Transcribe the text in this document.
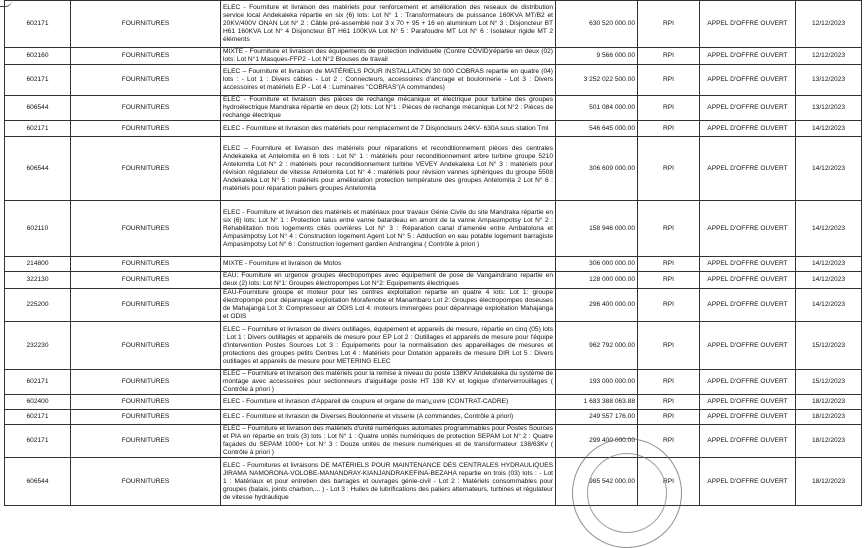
602171	FOURNITURES	ELEC - Fourniture et livraison des matériels pour renforcement et amélioration des reseaux de distribution service local Andekaleka répartie en six (6) lots: Lot N° 1 : Transformateurs de puissance 160KVA MT/B2 et 20KV/400V ONAN Lot N° 2 : Câble pré-assemblé noir 3 x 70 + 95 + 16 en aluminium Lot N° 3 : Disjoncteur BT H61 160KVA Lot N° 4 Disjoncteur BT H61 100KVA Lot N° 5 : Parafoudre MT Lot N° 6 : Isolateur rigide MT 2 éléments	630 520 000.00	RPI	APPEL D'OFFRE OUVERT	12/12/2023
602160	FOURNITURES	MIXTE - Fourniture et livraison des équipements de protection individuelle (Contre COVID)répartie en deux (02) lots: Lot N°1 Masques-FFP2 - Lot N°2 Blouses de travail	9 566 000.00	RPI	APPEL D'OFFRE OUVERT	12/12/2023
602171	FOURNITURES	ELEC – Fourniture et livraison de MATÉRIELS POUR INSTALLATION 30 000 COBRAS repartie en quatre (04) lots : - Lot 1 : Divers câbles - Lot 2 : Connecteurs, accessoires d'ancrage et boulonnerie - Lot 3 : Divers accessoires et matériels E.P - Lot 4 : Luminaires "COBRAS"(A commandes)	3 252 022 500.00	RPI	APPEL D'OFFRE OUVERT	13/12/2023
606544	FOURNITURES	ELEC - Fourniture et livraison des pièces de rechange mécanique et électrique pour turbine des groupes hydroélectrique Mandraka répartie en deux (2) lots: Lot N°1 : Pièces de rechange mécanique Lot N°2 : Pièces de rechange électrique	501 084 000.00	RPI	APPEL D'OFFRE OUVERT	13/12/2023
602171	FOURNITURES	ELEC - Fourniture et livraison des matériels pour remplacement de 7 Disjoncteurs 24KV- 630A sous station Tml	546 645 000.00	RPI	APPEL D'OFFRE OUVERT	14/12/2023
606544	FOURNITURES	ELEC – Fourniture et livraison des matériels pour réparations et reconditionnement pièces des centrales Andekaleka et Antelomita en 6 lots : Lot N° 1 : matériels pour reconditionnement arbre turbine groupe 5210 Antelomita Lot N° 2 : matériels pour reconditionnement turbine VEVEY Andekaleka Lot N° 3 : matériels pour révision régulateur de vitesse Antelomita Lot N° 4 : matériels pour révision vannes sphériques du groupe 5508 Andekaleka Lot N° 5 : matériels pour amélioration protection température des groupes Antelomita 2 Lot N° 6 : matériels pour réparation paliers groupes Antelomita	306 609 000.00	RPI	APPEL D'OFFRE OUVERT	14/12/2023
602110	FOURNITURES	ELEC - Fourniture et livraison des matériels et matériaux pour travaux Génie Civile du site Mandraka répartie en six (6) lots: Lot N° 1 : Protection talus entre vanne batardeau en amont de la vanne Ampasimpotsy Lot N° 2 : Réhabilitation trois logements cités ouvrières Lot N° 3 : Réparation canal d'amenée entre Ambatolona et Ampasimpotsy Lot N° 4 : Construction logement Agent Lot N° 5 : Adduction en eau potable logement barragiste Ampasimpotsy Lot N° 6 : Construction logement gardien Andrangina ( Contrôle à priori )	158 946 000.00	RPI	APPEL D'OFFRE OUVERT	14/12/2023
214800	FOURNITURES	MIXTE - Fourniture et livraison de Motos	306 000 000.00	RPI	APPEL D'OFFRE OUVERT	14/12/2023
322130	FOURNITURES	EAU: Fourniture en urgence groupes électropompes avec équipement de pose de Vangaindrano repartie en deux (2) lots: Lot N°1: Groupes électropompes Lot N°2: Equipements électriques	128 000 000.00	RPI	APPEL D'OFFRE OUVERT	14/12/2023
225200	FOURNITURES	EAU-Fourniture groupe et moteur pour les centres exploitation repartie en quatre 4 lots: Lot 1: groupe électropompe pour dépannage exploitation Morafenobe et Manambaro Lot 2: Groupes électropompes doseuses de Mahajanga Lot 3: Compresseur air ODIS Lot 4: moteurs immergées pour dépannage exploitation Mahajanga et ODIS	296 400 000.00	RPI	APPEL D'OFFRE OUVERT	14/12/2023
232230	FOURNITURES	ELEC – Fourniture et livraison de divers outillages, équipement et appareils de mesure, répartie en cinq (05) lots : Lot 1 : Divers outillages et appareils de mesure pour EP Lot 2 : Outillages et appareils de mesure pour l'équipe d'intervention Postes Sources Lot 3 : Équipements pour la normalisation des appareillages de mesures et protections des groupes petits Centres Lot 4 : Matériels pour Dotation appareils de mesure DIR Lot 5 : Divers outillages et appareils de mesure pour METERING ELEC	962 792 000.00	RPI	APPEL D'OFFRE OUVERT	15/12/2023
602171	FOURNITURES	ELEC – Fourniture et livraison des matériels pour la remise à niveau du poste 138KV Andekaleka du système de montage avec accessoires pour sectionneurs d'aiguillage poste HT 138 KV et logique d'interverrouillages ( Contrôle à priori )	193 000 000.00	RPI	APPEL D'OFFRE OUVERT	15/12/2023
602400	FOURNITURES	ELEC - Fourniture et livraison d'Appareil de coupure et organe de man¿uvre (CONTRAT-CADRE)	1 683 388 063.88	RPI	APPEL D'OFFRE OUVERT	18/12/2023
602171	FOURNITURES	ELEC - Fourniture et livraison de Diverses Boulonnerie et visserie (A commandes, Contrôle à priori)	249 557 176.00	RPI	APPEL D'OFFRE OUVERT	18/12/2023
602171	FOURNITURES	ELEC – Fourniture et livraison des matériels d'unité numériques automates programmables pour Postes Sources et PIA en répartie en trois (3) lots : Lot N° 1 : Quatre unités numériques de protection SEPAM Lot N° 2 : Quatre façades du SEPAM 1000+ Lot N° 3 : Douze unités de mesure numériques et de transformateur 138/63Kv ( Contrôle à priori )	299 400 000.00	RPI	APPEL D'OFFRE OUVERT	18/12/2023
606544	FOURNITURES	ELEC - Fournitures et livraisons DE MATÉRIELS POUR MAINTENANCE DES CENTRALES HYDRAULIQUES JIRAMA NAMORONA-VOLOBE-MANANDRAY-KIANJANDRAKEFINA-BEZAHA repartie en trois (03) lots : - Lot 1 : Matériaux et pour entretien des barrages et ouvrages génie-civil - Lot 2 : Matériels consommables pour groupes (balais, joints charbon,... ) - Lot 3 : Huiles de lubrifications des paliers alternateurs, turbines et régulateur de vitesse hydraulique	985 542 000.00	RPI	APPEL D'OFFRE OUVERT	18/12/2023
